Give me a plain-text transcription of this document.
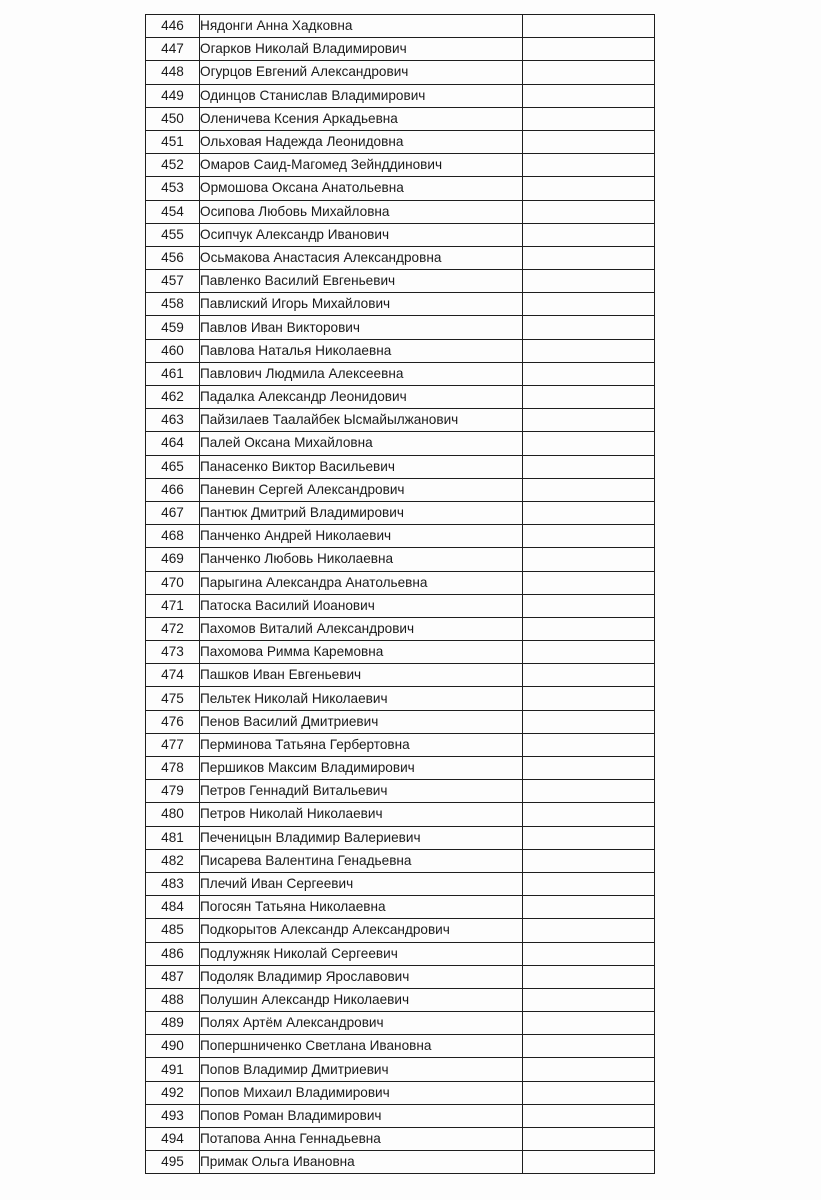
446	Нядонги Анна Хадковна	
447	Огарков Николай Владимирович	
448	Огурцов Евгений Александрович	
449	Одинцов Станислав Владимирович	
450	Оленичева Ксения Аркадьевна	
451	Ольховая Надежда Леонидовна	
452	Омаров Саид-Магомед Зейнддинович	
453	Ормошова Оксана Анатольевна	
454	Осипова Любовь Михайловна	
455	Осипчук Александр Иванович	
456	Осьмакова Анастасия Александровна	
457	Павленко Василий Евгеньевич	
458	Павлиский Игорь Михайлович	
459	Павлов Иван Викторович	
460	Павлова Наталья Николаевна	
461	Павлович Людмила Алексеевна	
462	Падалка Александр Леонидович	
463	Пайзилаев Таалайбек Ысмайылжанович	
464	Палей Оксана Михайловна	
465	Панасенко Виктор Васильевич	
466	Паневин Сергей Александрович	
467	Пантюк Дмитрий Владимирович	
468	Панченко Андрей Николаевич	
469	Панченко Любовь Николаевна	
470	Парыгина Александра Анатольевна	
471	Патоска Василий Иоанович	
472	Пахомов Виталий Александрович	
473	Пахомова Римма Каремовна	
474	Пашков Иван Евгеньевич	
475	Пельтек Николай Николаевич	
476	Пенов Василий Дмитриевич	
477	Перминова Татьяна Гербертовна	
478	Першиков Максим Владимирович	
479	Петров Геннадий Витальевич	
480	Петров Николай Николаевич	
481	Печеницын Владимир Валериевич	
482	Писарева Валентина Генадьевна	
483	Плечий Иван Сергеевич	
484	Погосян Татьяна Николаевна	
485	Подкорытов Александр Александрович	
486	Подлужняк Николай Сергеевич	
487	Подоляк Владимир Ярославович	
488	Полушин Александр Николаевич	
489	Полях Артём Александрович	
490	Попершниченко Светлана Ивановна	
491	Попов Владимир Дмитриевич	
492	Попов Михаил Владимирович	
493	Попов Роман Владимирович	
494	Потапова Анна Геннадьевна	
495	Примак Ольга Ивановна	
